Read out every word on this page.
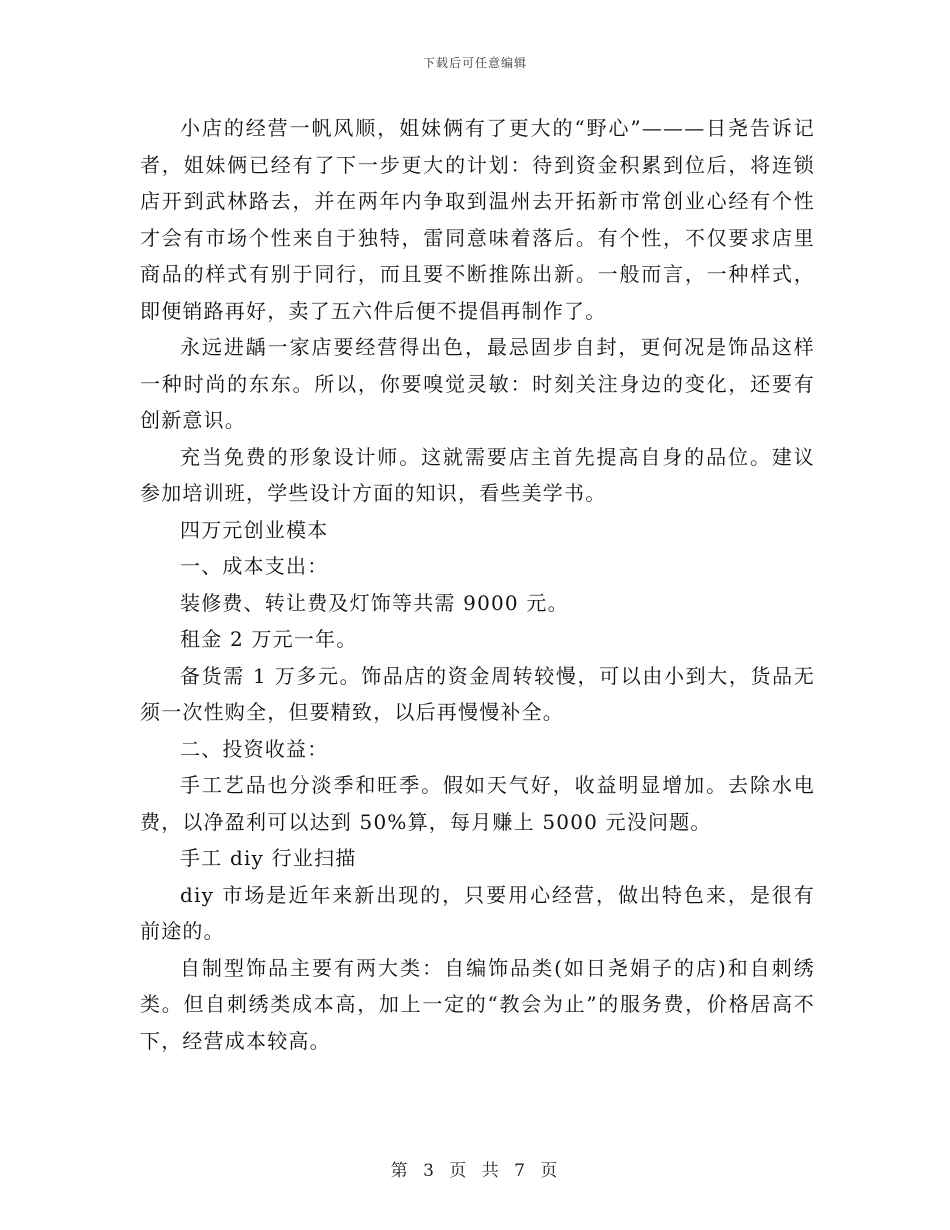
下载后可任意编辑

小店的经营一帆风顺，姐妹俩有了更大的“野心”———日尧告诉记者，姐妹俩已经有了下一步更大的计划：待到资金积累到位后，将连锁店开到武林路去，并在两年内争取到温州去开拓新市常创业心经有个性才会有市场个性来自于独特，雷同意味着落后。有个性，不仅要求店里商品的样式有别于同行，而且要不断推陈出新。一般而言，一种样式，即便销路再好，卖了五六件后便不提倡再制作了。

永远进龋一家店要经营得出色，最忌固步自封，更何况是饰品这样一种时尚的东东。所以，你要嗅觉灵敏：时刻关注身边的变化，还要有创新意识。

充当免费的形象设计师。这就需要店主首先提高自身的品位。建议参加培训班，学些设计方面的知识，看些美学书。

四万元创业模本

一、成本支出：

装修费、转让费及灯饰等共需 9000 元。

租金 2 万元一年。

备货需 1 万多元。饰品店的资金周转较慢，可以由小到大，货品无须一次性购全，但要精致，以后再慢慢补全。

二、投资收益：

手工艺品也分淡季和旺季。假如天气好，收益明显增加。去除水电费，以净盈利可以达到 50%算，每月赚上 5000 元没问题。

手工 diy 行业扫描

diy 市场是近年来新出现的，只要用心经营，做出特色来，是很有前途的。

自制型饰品主要有两大类：自编饰品类(如日尧娟子的店)和自刺绣类。但自刺绣类成本高，加上一定的“教会为止”的服务费，价格居高不下，经营成本较高。

第 3 页 共 7 页
